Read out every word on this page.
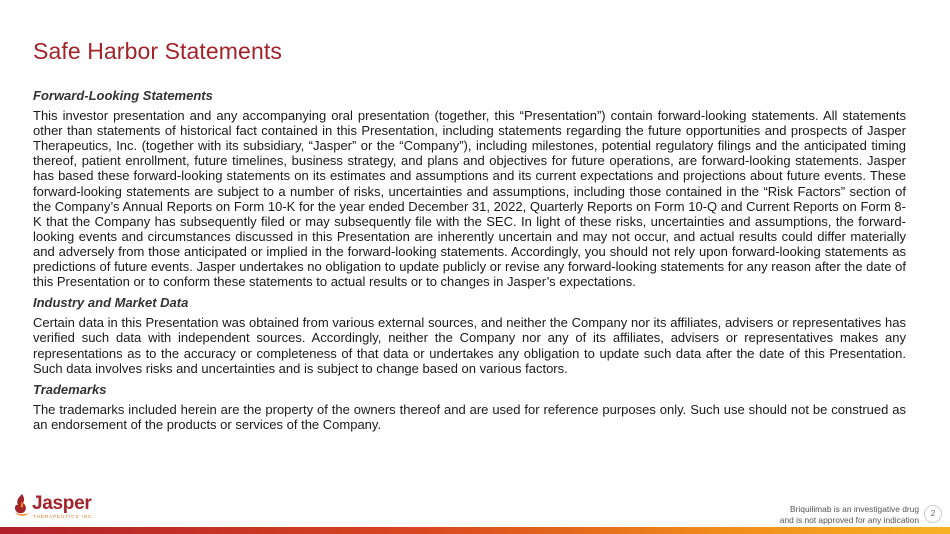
Safe Harbor Statements

Forward-Looking Statements

This investor presentation and any accompanying oral presentation (together, this “Presentation”) contain forward-looking statements. All statements other than statements of historical fact contained in this Presentation, including statements regarding the future opportunities and prospects of Jasper Therapeutics, Inc. (together with its subsidiary, “Jasper” or the “Company”), including milestones, potential regulatory filings and the anticipated timing thereof, patient enrollment, future timelines, business strategy, and plans and objectives for future operations, are forward-looking statements. Jasper has based these forward-looking statements on its estimates and assumptions and its current expectations and projections about future events. These forward-looking statements are subject to a number of risks, uncertainties and assumptions, including those contained in the “Risk Factors” section of the Company’s Annual Reports on Form 10-K for the year ended December 31, 2022, Quarterly Reports on Form 10-Q and Current Reports on Form 8-K that the Company has subsequently filed or may subsequently file with the SEC. In light of these risks, uncertainties and assumptions, the forward-looking events and circumstances discussed in this Presentation are inherently uncertain and may not occur, and actual results could differ materially and adversely from those anticipated or implied in the forward-looking statements. Accordingly, you should not rely upon forward-looking statements as predictions of future events. Jasper undertakes no obligation to update publicly or revise any forward-looking statements for any reason after the date of this Presentation or to conform these statements to actual results or to changes in Jasper’s expectations.

Industry and Market Data

Certain data in this Presentation was obtained from various external sources, and neither the Company nor its affiliates, advisers or representatives has verified such data with independent sources. Accordingly, neither the Company nor any of its affiliates, advisers or representatives makes any representations as to the accuracy or completeness of that data or undertakes any obligation to update such data after the date of this Presentation. Such data involves risks and uncertainties and is subject to change based on various factors.

Trademarks

The trademarks included herein are the property of the owners thereof and are used for reference purposes only. Such use should not be construed as an endorsement of the products or services of the Company.

Jasper
THERAPEUTICS INC.
Briquilimab is an investigative drug
and is not approved for any indication
2
